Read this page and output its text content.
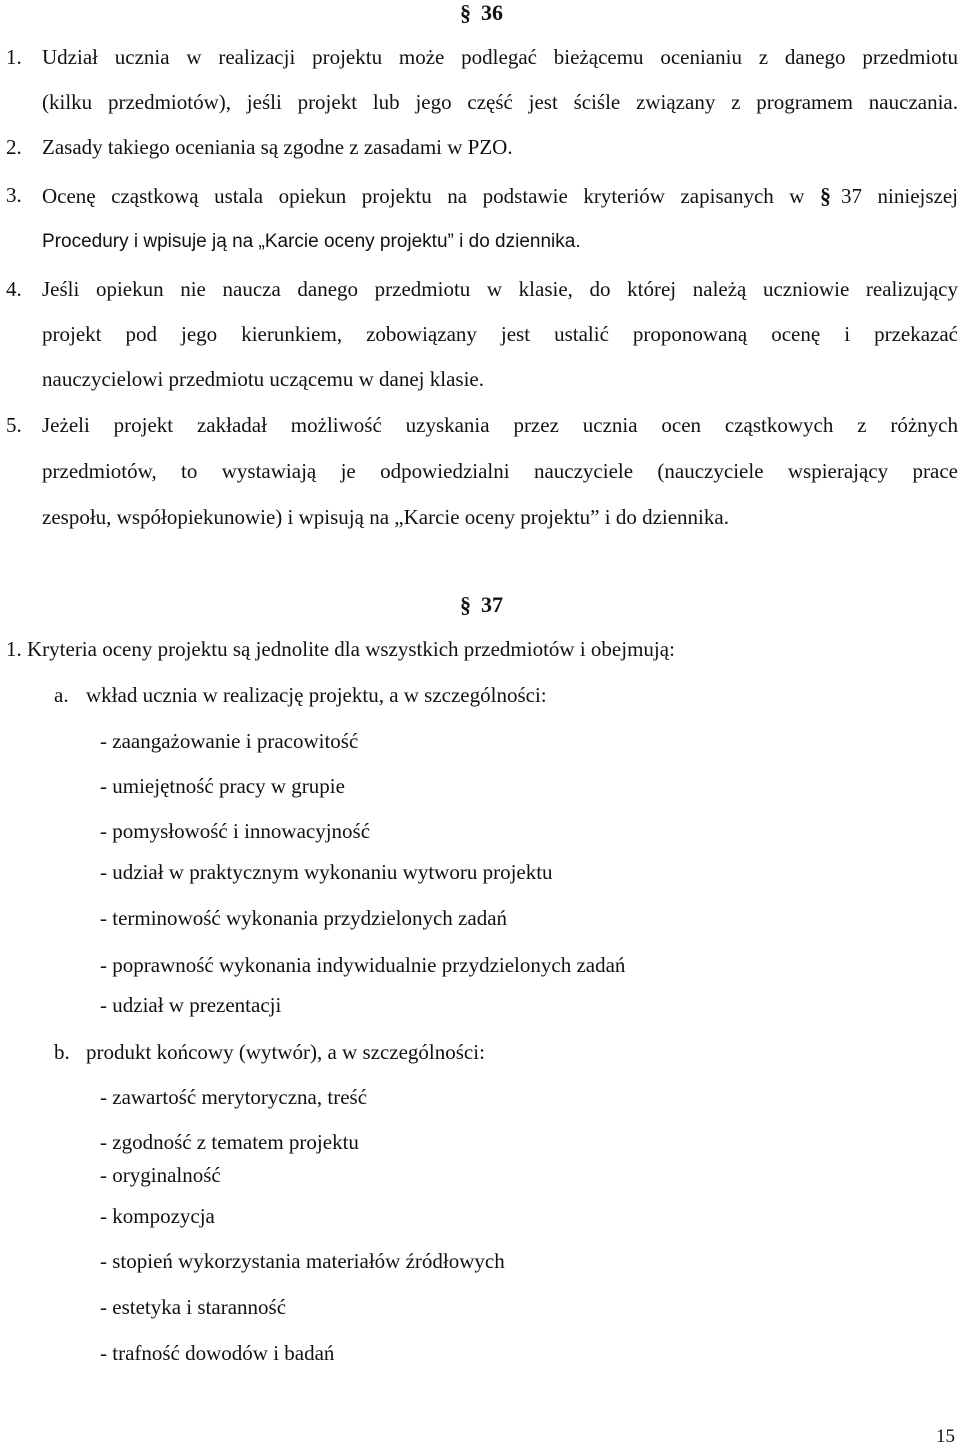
§ 36
1. Udział ucznia w realizacji projektu może podlegać bieżącemu ocenianiu z danego przedmiotu
(kilku przedmiotów), jeśli projekt lub jego część jest ściśle związany z programem nauczania.
2. Zasady takiego oceniania są zgodne z zasadami w PZO.
3. Ocenę cząstkową ustala opiekun projektu na podstawie kryteriów zapisanych w § 37 niniejszej
Procedury i wpisuje ją na „Karcie oceny projektu” i do dziennika.
4. Jeśli opiekun nie naucza danego przedmiotu w klasie, do której należą uczniowie realizujący
projekt pod jego kierunkiem, zobowiązany jest ustalić proponowaną ocenę i przekazać
nauczycielowi przedmiotu uczącemu w danej klasie.
5. Jeżeli projekt zakładał możliwość uzyskania przez ucznia ocen cząstkowych z różnych
przedmiotów, to wystawiają je odpowiedzialni nauczyciele (nauczyciele wspierający prace
zespołu, współopiekunowie) i wpisują na „Karcie oceny projektu” i do dziennika.
§ 37
1. Kryteria oceny projektu są jednolite dla wszystkich przedmiotów i obejmują:
a. wkład ucznia w realizację projektu, a w szczególności:
- zaangażowanie i pracowitość
- umiejętność pracy w grupie
- pomysłowość i innowacyjność
- udział w praktycznym wykonaniu wytworu projektu
- terminowość wykonania przydzielonych zadań
- poprawność wykonania indywidualnie przydzielonych zadań
- udział w prezentacji
b. produkt końcowy (wytwór), a w szczególności:
- zawartość merytoryczna, treść
- zgodność z tematem projektu
- oryginalność
- kompozycja
- stopień wykorzystania materiałów źródłowych
- estetyka i staranność
- trafność dowodów i badań
15
